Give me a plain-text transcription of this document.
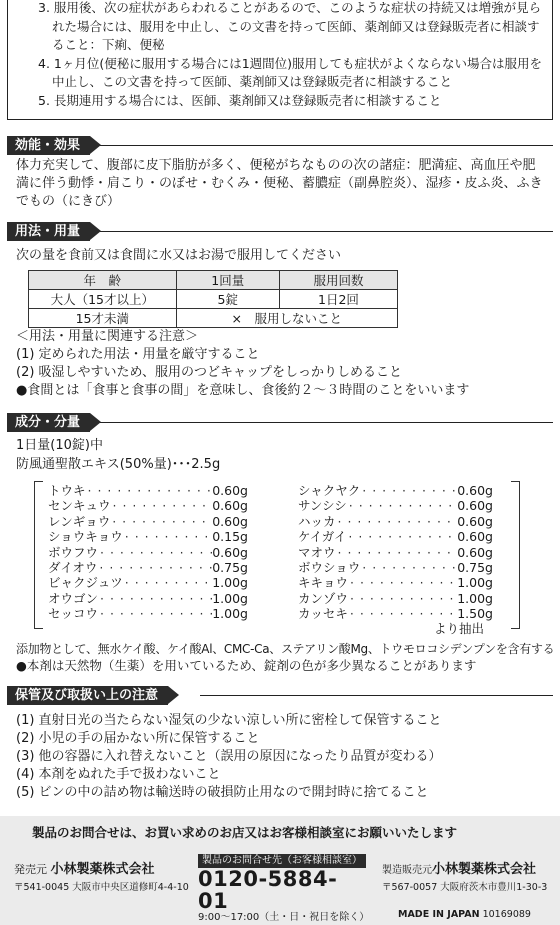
3. 服用後、次の症状があらわれることがあるので、このような症状の持続又は増強が見られた場合には、服用を中止し、この文書を持って医師、薬剤師又は登録販売者に相談すること：下痢、便秘

4. 1ヶ月位(便秘に服用する場合には1週間位)服用しても症状がよくならない場合は服用を中止し、この文書を持って医師、薬剤師又は登録販売者に相談すること

5. 長期連用する場合には、医師、薬剤師又は登録販売者に相談すること

効能・効果
体力充実して、腹部に皮下脂肪が多く、便秘がちなものの次の諸症：肥満症、高血圧や肥満に伴う動悸・肩こり・のぼせ・むくみ・便秘、蓄膿症（副鼻腔炎）、湿疹・皮ふ炎、ふきでもの（にきび）
用法・用量
次の量を食前又は食間に水又はお湯で服用してください
年　齢	1回量	服用回数
大人（15才以上）	5錠	1日2回
15才未満	×　服用しないこと	
＜用法・用量に関連する注意＞
(1) 定められた用法・用量を厳守すること
(2) 吸湿しやすいため、服用のつどキャップをしっかりしめること
●食間とは「食事と食事の間」を意味し、食後約２～３時間のことをいいます
成分・分量
1日量(10錠)中
防風通聖散エキス(50%量)･･･2.5g
トウキ · · ·	0.60g
センキュウ · · ·	0.60g
レンギョウ · · ·	0.60g
ショウキョウ · · ·	0.15g
ボウフウ · · ·	0.60g
ダイオウ · · ·	0.75g
ビャクジュツ · · ·	1.00g
オウゴン · · ·	1.00g
セッコウ · · ·	1.00g
シャクヤク · · ·	0.60g
サンシシ · · ·	0.60g
ハッカ · · ·	0.60g
ケイガイ · · ·	0.60g
マオウ · · ·	0.60g
ボウショウ · · ·	0.75g
キキョウ · · ·	1.00g
カンゾウ · · ·	1.00g
カッセキ · · ·	1.50g
より抽出
添加物として、無水ケイ酸、ケイ酸Al、CMC-Ca、ステアリン酸Mg、トウモロコシデンプンを含有する
●本剤は天然物（生薬）を用いているため、錠剤の色が多少異なることがあります
保管及び取扱い上の注意
(1) 直射日光の当たらない湿気の少ない涼しい所に密栓して保管すること
(2) 小児の手の届かない所に保管すること
(3) 他の容器に入れ替えないこと（誤用の原因になったり品質が変わる）
(4) 本剤をぬれた手で扱わないこと
(5) ビンの中の詰め物は輸送時の破損防止用なので開封時に捨てること
製品のお問合せは、お買い求めのお店又はお客様相談室にお願いいたします
発売元 小林製薬株式会社
〒541-0045 大阪市中央区道修町4-4-10
製品のお問合せ先（お客様相談室）
0120-5884-01
9:00～17:00（土・日・祝日を除く）
製造販売元小林製薬株式会社
〒567-0057 大阪府茨木市豊川1-30-3
MADE IN JAPAN 10169089
